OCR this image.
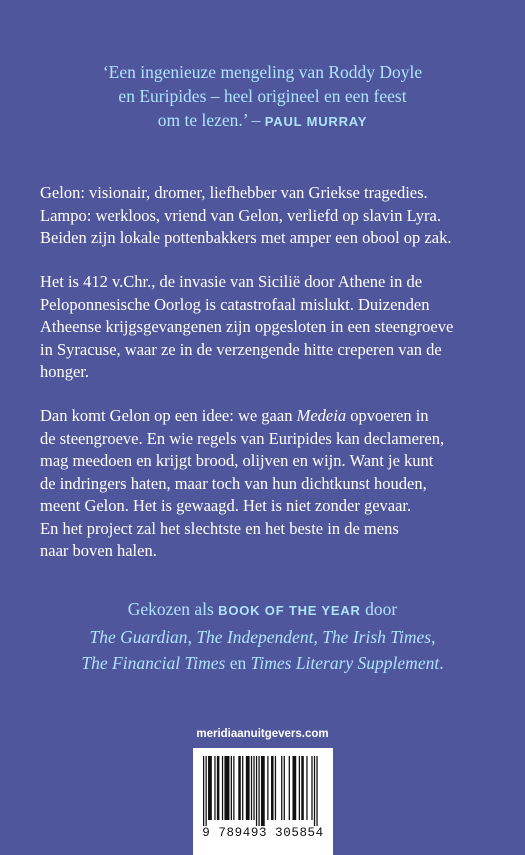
‘Een ingenieuze mengeling van Roddy Doyle
en Euripides – heel origineel en een feest
om te lezen.’ – PAUL MURRAY
Gelon: visionair, dromer, liefhebber van Griekse tragedies.
Lampo: werkloos, vriend van Gelon, verliefd op slavin Lyra.
Beiden zijn lokale pottenbakkers met amper een obool op zak.
Het is 412 v.Chr., de invasie van Sicilië door Athene in de
Peloponnesische Oorlog is catastrofaal mislukt. Duizenden
Atheense krijgsgevangenen zijn opgesloten in een steengroeve
in Syracuse, waar ze in de verzengende hitte creperen van de
honger.
Dan komt Gelon op een idee: we gaan Medeia opvoeren in
de steengroeve. En wie regels van Euripides kan declameren,
mag meedoen en krijgt brood, olijven en wijn. Want je kunt
de indringers haten, maar toch van hun dichtkunst houden,
meent Gelon. Het is gewaagd. Het is niet zonder gevaar.
En het project zal het slechtste en het beste in de mens
naar boven halen.
Gekozen als BOOK OF THE YEAR door
The Guardian, The Independent, The Irish Times,
The Financial Times en Times Literary Supplement.
meridiaanuitgevers.com
9 789493 305854
